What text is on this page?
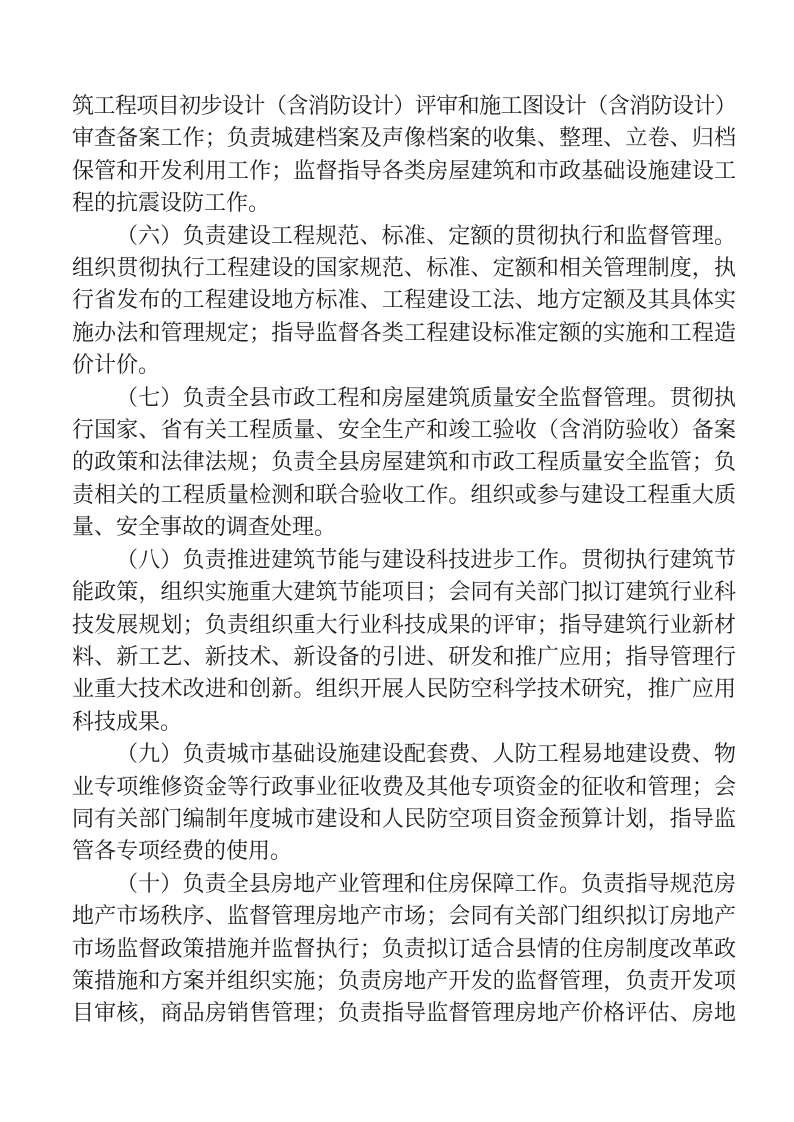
筑工程项目初步设计（含消防设计）评审和施工图设计（含消防设计）
审查备案工作；负责城建档案及声像档案的收集、整理、立卷、归档
保管和开发利用工作；监督指导各类房屋建筑和市政基础设施建设工
程的抗震设防工作。
（六）负责建设工程规范、标准、定额的贯彻执行和监督管理。
组织贯彻执行工程建设的国家规范、标准、定额和相关管理制度，执
行省发布的工程建设地方标准、工程建设工法、地方定额及其具体实
施办法和管理规定；指导监督各类工程建设标准定额的实施和工程造
价计价。
（七）负责全县市政工程和房屋建筑质量安全监督管理。贯彻执
行国家、省有关工程质量、安全生产和竣工验收（含消防验收）备案
的政策和法律法规；负责全县房屋建筑和市政工程质量安全监管；负
责相关的工程质量检测和联合验收工作。组织或参与建设工程重大质
量、安全事故的调查处理。
（八）负责推进建筑节能与建设科技进步工作。贯彻执行建筑节
能政策，组织实施重大建筑节能项目；会同有关部门拟订建筑行业科
技发展规划；负责组织重大行业科技成果的评审；指导建筑行业新材
料、新工艺、新技术、新设备的引进、研发和推广应用；指导管理行
业重大技术改进和创新。组织开展人民防空科学技术研究，推广应用
科技成果。
（九）负责城市基础设施建设配套费、人防工程易地建设费、物
业专项维修资金等行政事业征收费及其他专项资金的征收和管理；会
同有关部门编制年度城市建设和人民防空项目资金预算计划，指导监
管各专项经费的使用。
（十）负责全县房地产业管理和住房保障工作。负责指导规范房
地产市场秩序、监督管理房地产市场；会同有关部门组织拟订房地产
市场监督政策措施并监督执行；负责拟订适合县情的住房制度改革政
策措施和方案并组织实施；负责房地产开发的监督管理，负责开发项
目审核，商品房销售管理；负责指导监督管理房地产价格评估、房地
